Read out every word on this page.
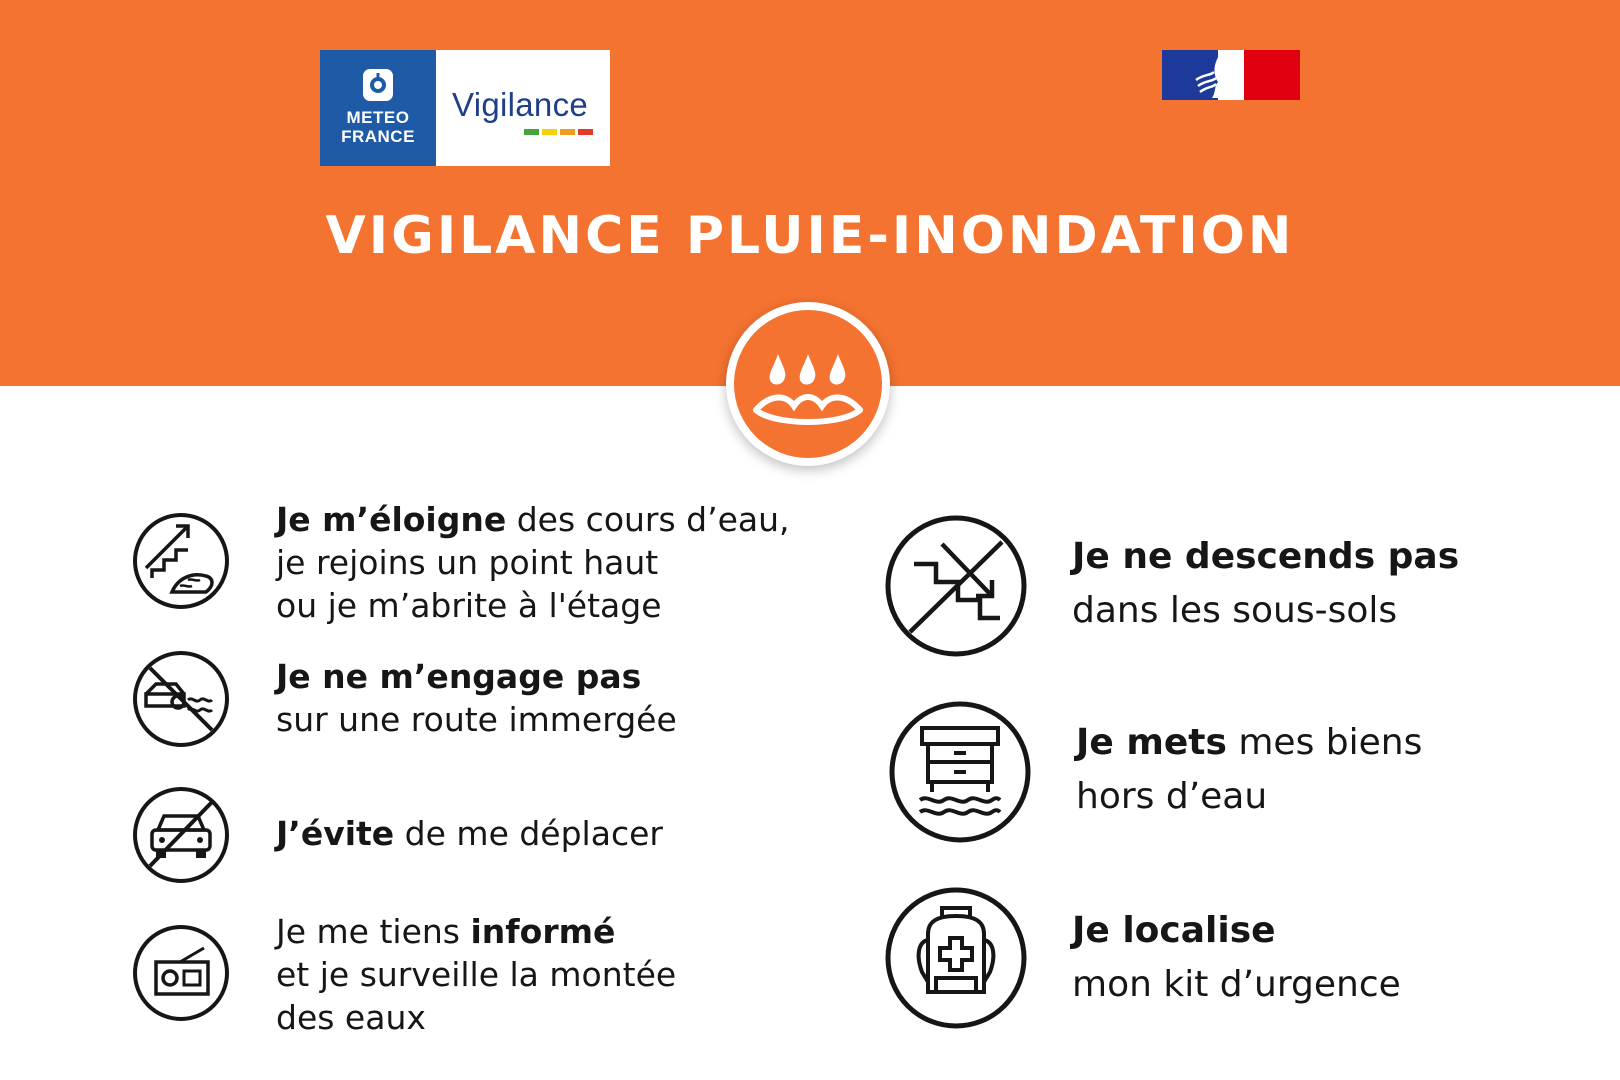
METEO
FRANCE
Vigilance
VIGILANCE PLUIE-INONDATION
Je m’éloigne des cours d’eau,
je rejoins un point haut
ou je m’abrite à l'étage
Je ne m’engage pas
sur une route immergée
J’évite de me déplacer
Je me tiens informé
et je surveille la montée
des eaux
Je ne descends pas
dans les sous-sols
Je mets mes biens
hors d’eau
Je localise
mon kit d’urgence
